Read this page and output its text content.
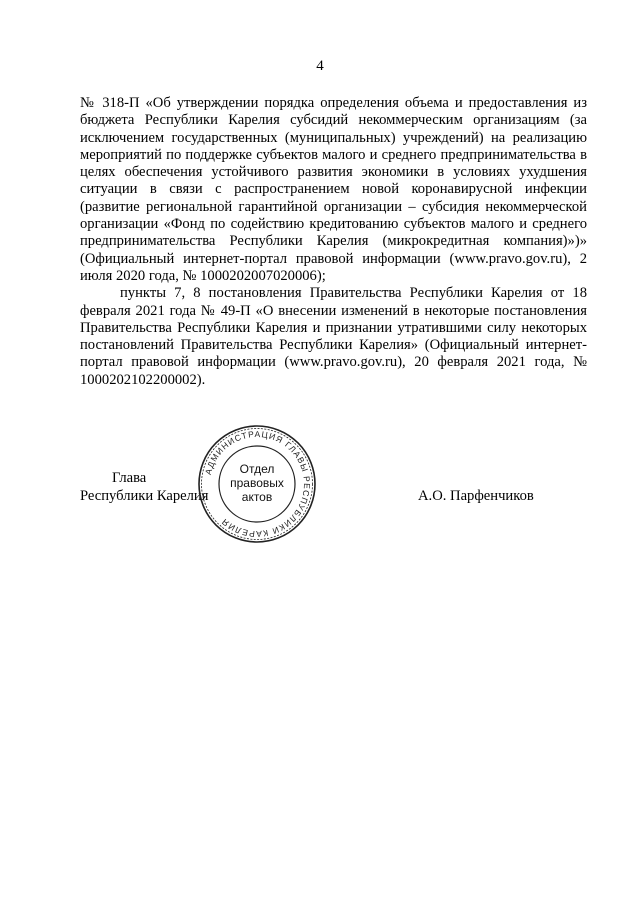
4

№ 318-П «Об утверждении порядка определения объема и предоставления из бюджета Республики Карелия субсидий некоммерческим организациям (за исключением государственных (муниципальных) учреждений) на реализацию мероприятий по поддержке субъектов малого и среднего предпринимательства в целях обеспечения устойчивого развития экономики в условиях ухудшения ситуации в связи с распространением новой коронавирусной инфекции (развитие региональной гарантийной организации – субсидия некоммерческой организации «Фонд по содействию кредитованию субъектов малого и среднего предпринимательства Республики Карелия (микрокредитная компания)»)» (Официальный интернет-портал правовой информации (www.pravo.gov.ru), 2 июля 2020 года, № 1000202007020006);

пункты 7, 8 постановления Правительства Республики Карелия от 18 февраля 2021 года № 49-П «О внесении изменений в некоторые постановления Правительства Республики Карелия и признании утратившими силу некоторых постановлений Правительства Республики Карелия» (Официальный интернет-портал правовой информации (www.pravo.gov.ru), 20 февраля 2021 года, № 1000202102200002).

Глава
Республики Карелия	А.О. Парфенчиков
АДМИНИСТРАЦИЯ ГЛАВЫ РЕСПУБЛИКИ КАРЕЛИЯ
Отдел
правовых
актов
